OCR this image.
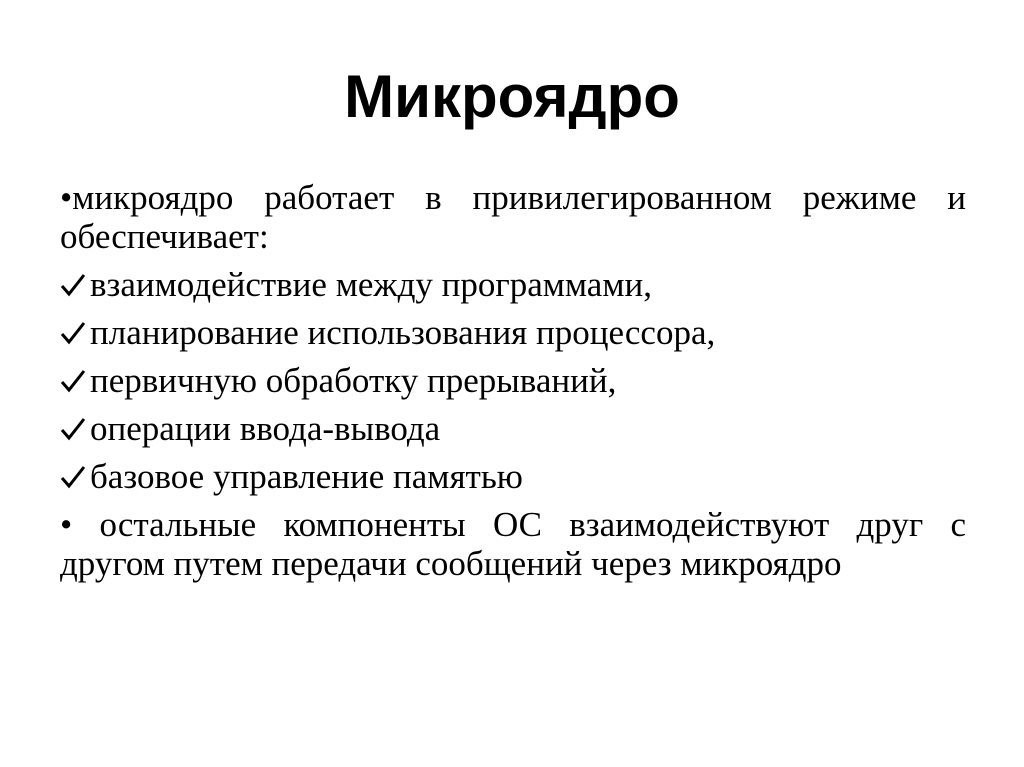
Микроядро

•микроядро работает в привилегированном режиме и обеспечивает:

взаимодействие между программами,

планирование использования процессора,

первичную обработку прерываний,

операции ввода-вывода

базовое управление памятью

• остальные компоненты ОС взаимодействуют друг с другом путем передачи сообщений через микроядро
